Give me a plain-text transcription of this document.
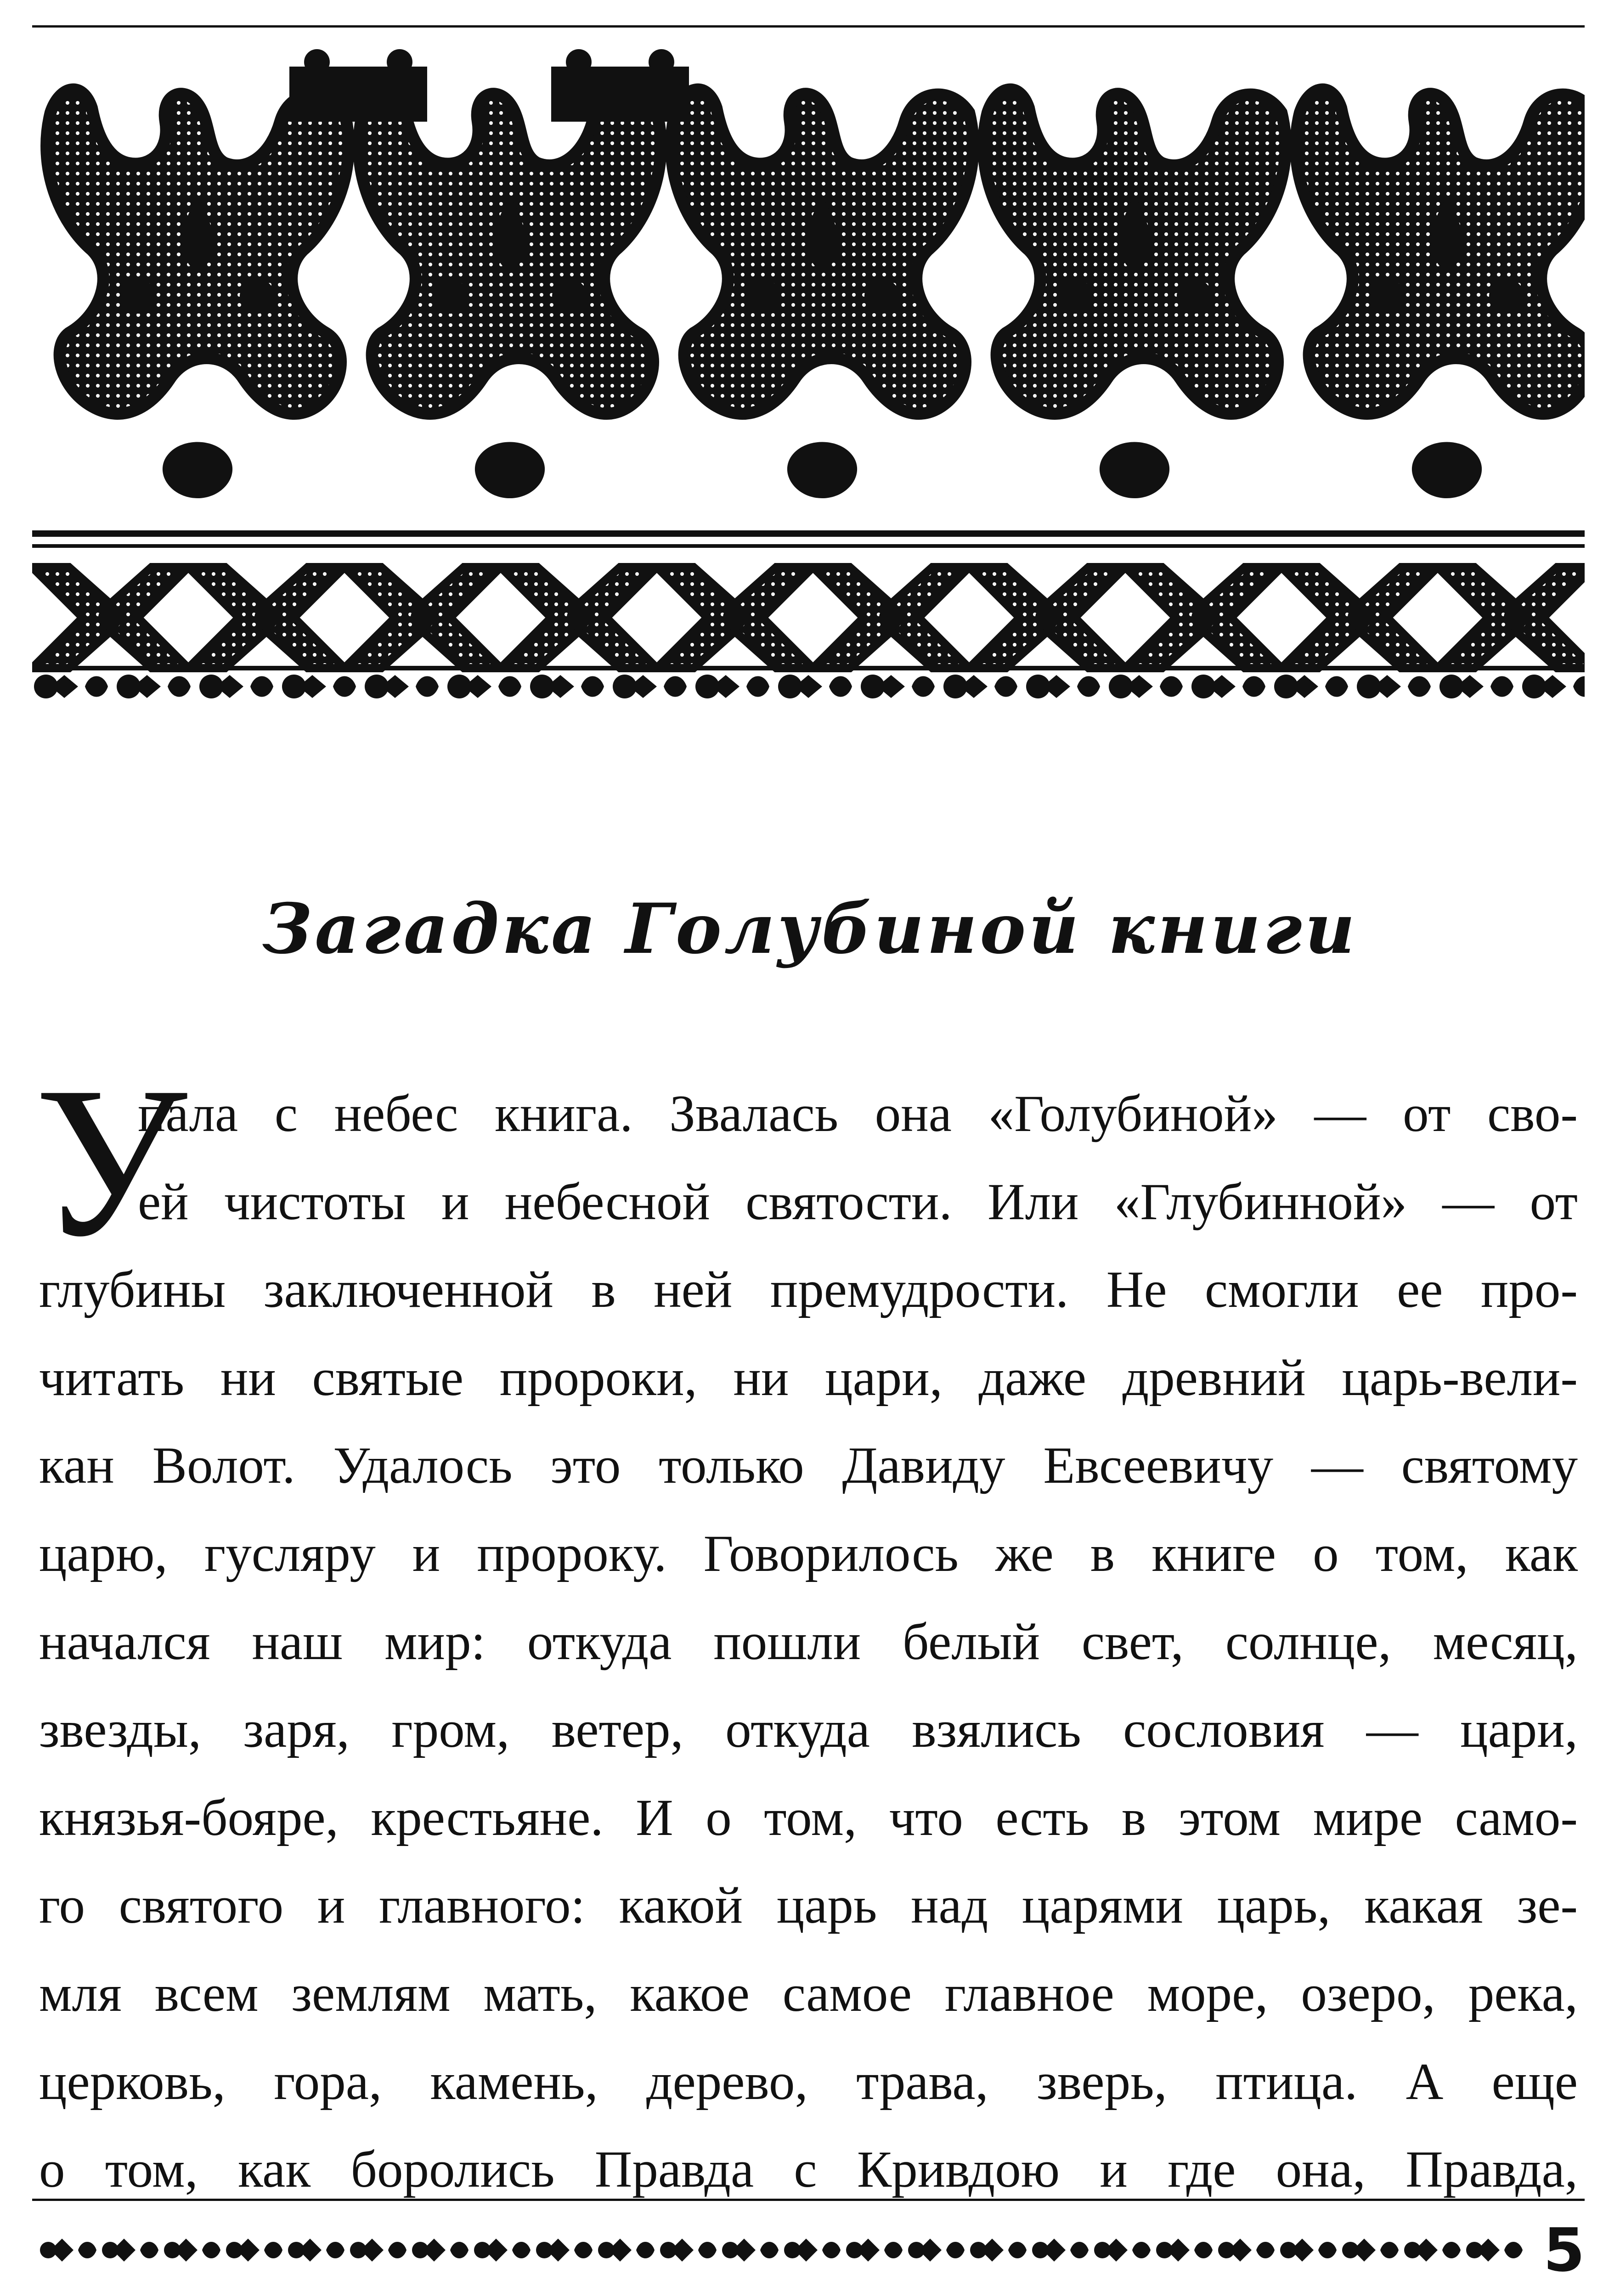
Загадка Голубиной книги
У
пала с небес книга. Звалась она «Голубиной» — от сво-
ей чистоты и небесной святости. Или «Глубинной» — от
глубины заключенной в ней премудрости. Не смогли ее про-
читать ни святые пророки, ни цари, даже древний царь-вели-
кан Волот. Удалось это только Давиду Евсеевичу — святому
царю, гусляру и пророку. Говорилось же в книге о том, как
начался наш мир: откуда пошли белый свет, солнце, месяц,
звезды, заря, гром, ветер, откуда взялись сословия — цари,
князья-бояре, крестьяне. И о том, что есть в этом мире само-
го святого и главного: какой царь над царями царь, какая зе-
мля всем землям мать, какое самое главное море, озеро, река,
церковь, гора, камень, дерево, трава, зверь, птица. А еще
о том, как боролись Правда с Кривдою и где она, Правда,
5
